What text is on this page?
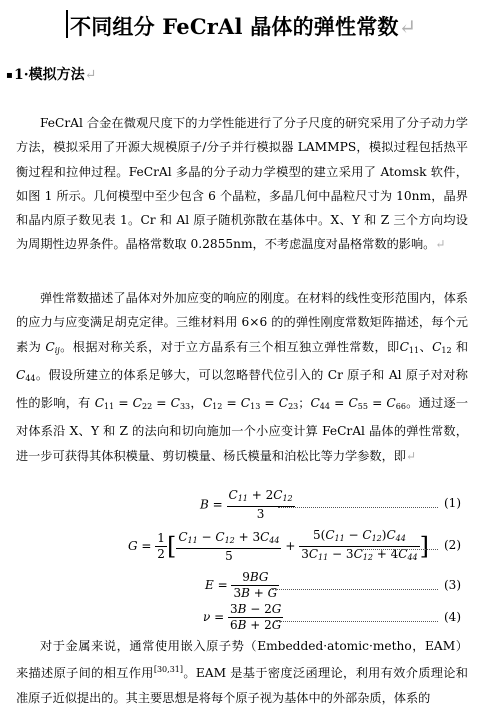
不同组分 FeCrAl 晶体的弹性常数↵
▪1·模拟方法↵

FeCrAl 合金在微观尺度下的力学性能进行了分子尺度的研究采用了分子动力学方法，模拟采用了开源大规模原子/分子并行模拟器 LAMMPS，模拟过程包括热平衡过程和拉伸过程。FeCrAl 多晶的分子动力学模型的建立采用了 Atomsk 软件，如图 1 所示。几何模型中至少包含 6 个晶粒，多晶几何中晶粒尺寸为 10nm，晶界和晶内原子数见表 1。Cr 和 Al 原子随机弥散在基体中。X、Y 和 Z 三个方向均设为周期性边界条件。晶格常数取 0.2855nm，不考虑温度对晶格常数的影响。↵

弹性常数描述了晶体对外加应变的响应的刚度。在材料的线性变形范围内，体系的应力与应变满足胡克定律。三维材料用 6×6 的的弹性刚度常数矩阵描述，每个元素为 $C_{ij}$。根据对称关系，对于立方晶系有三个相互独立弹性常数，即$C_{11}$、$C_{12}$ 和 $C_{44}$。假设所建立的体系足够大，可以忽略替代位引入的 Cr 原子和 Al 原子对对称性的影响，有 $C_{11} = C_{22} = C_{33}$，$C_{12} = C_{13} = C_{23}$；$C_{44} = C_{55} = C_{66}$。通过逐一对体系沿 X、Y 和 Z 的法向和切向施加一个小应变计算 FeCrAl 晶体的弹性常数，进一步可获得其体积模量、剪切模量、杨氏模量和泊松比等力学参数，即↵

$B = \frac{C_{11} + 2C_{12}}{3}$	(1)
$G = \frac{1}{2}$ [ $\frac{C_{11} - C_{12} + 3C_{44}}{5} + \frac{5(C_{11} - C_{12})C_{44}}{3C_{11} - 3C_{12} + 4C_{44}}$ ] (2)
$E = \frac{9BG}{3B + G}$	(3)
$\nu = \frac{3B - 2G}{6B + 2G}$	(4)

对于金属来说，通常使用嵌入原子势（Embedded·atomic·metho，EAM）来描述原子间的相互作用[30,31]。EAM 是基于密度泛函理论，利用有效介质理论和准原子近似提出的。其主要思想是将每个原子视为基体中的外部杂质，体系的
